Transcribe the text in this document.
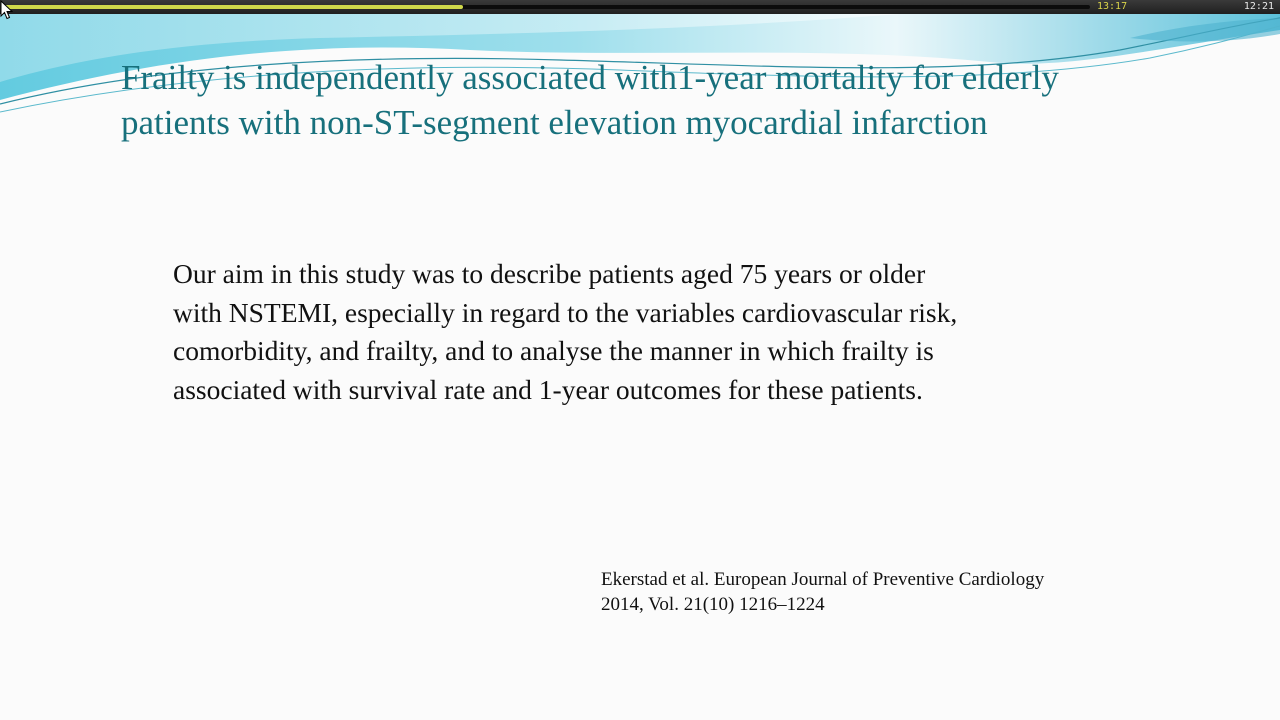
13:17	12:21
Frailty is independently associated with1-year mortality for elderly
patients with non-ST-segment elevation myocardial infarction

Our aim in this study was to describe patients aged 75 years or older
with NSTEMI, especially in regard to the variables cardiovascular risk,
comorbidity, and frailty, and to analyse the manner in which frailty is
associated with survival rate and 1-year outcomes for these patients.

Ekerstad et al. European Journal of Preventive Cardiology
2014, Vol. 21(10) 1216–1224
